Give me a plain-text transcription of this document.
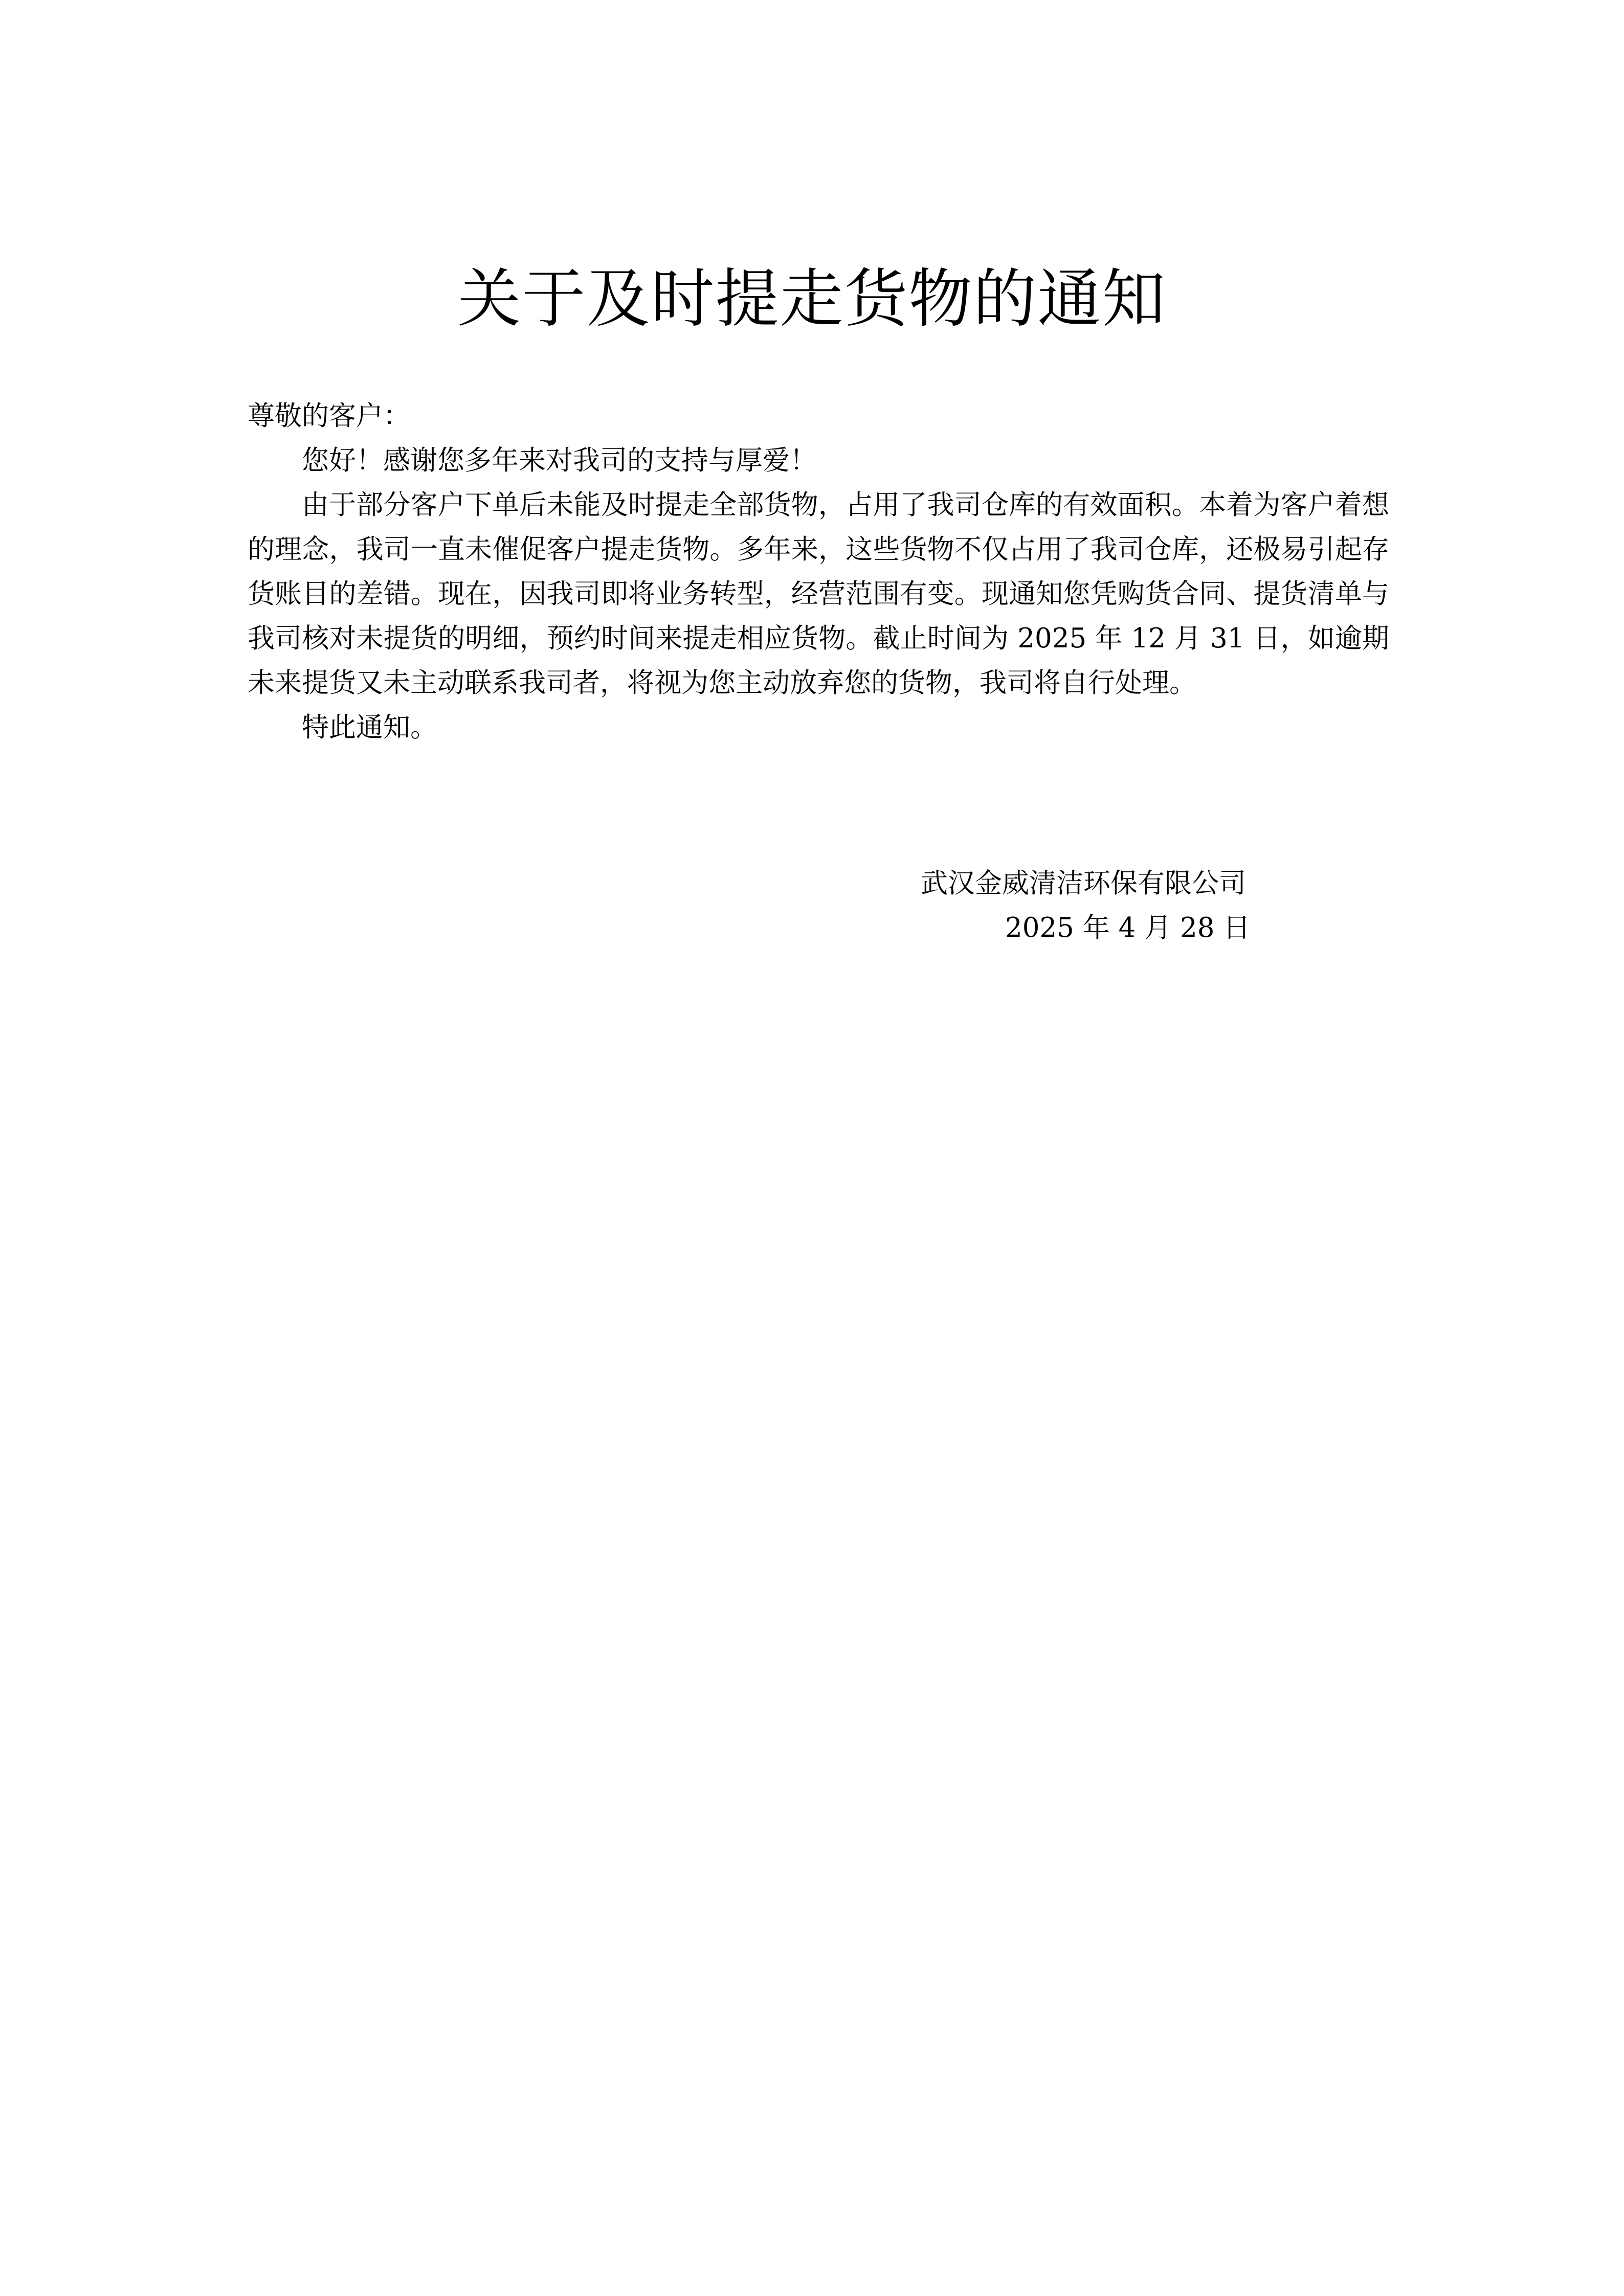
关于及时提走货物的通知

尊敬的客户：

您好！感谢您多年来对我司的支持与厚爱！

由于部分客户下单后未能及时提走全部货物，占用了我司仓库的有效面积。本着为客户着想的理念，我司一直未催促客户提走货物。多年来，这些货物不仅占用了我司仓库，还极易引起存货账目的差错。现在，因我司即将业务转型，经营范围有变。现通知您凭购货合同、提货清单与我司核对未提货的明细，预约时间来提走相应货物。截止时间为 2025 年 12 月 31 日，如逾期未来提货又未主动联系我司者，将视为您主动放弃您的货物，我司将自行处理。

特此通知。

武汉金威清洁环保有限公司
2025 年 4 月 28 日
